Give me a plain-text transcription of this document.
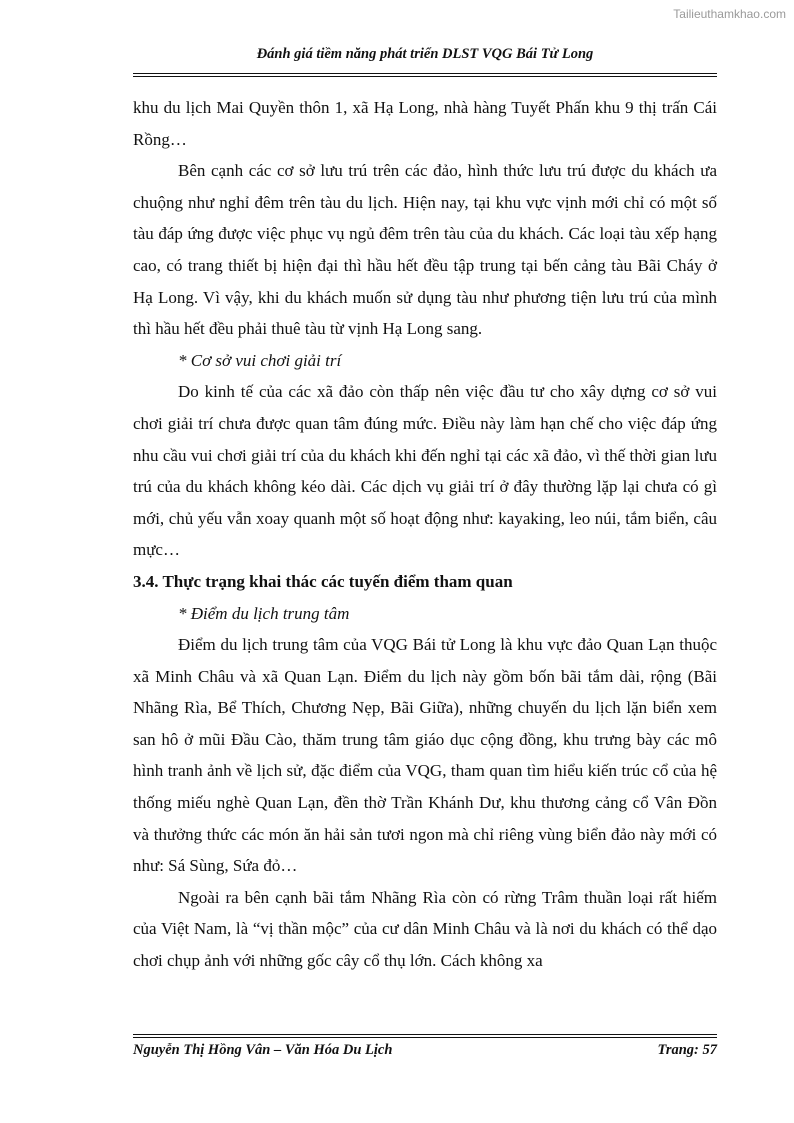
Tailieuthamkhao.com
Đánh giá tiềm năng phát triển DLST VQG Bái Tử Long

khu du lịch Mai Quyền thôn 1, xã Hạ Long, nhà hàng Tuyết Phấn khu 9 thị trấn Cái Rồng…

Bên cạnh các cơ sở lưu trú trên các đảo, hình thức lưu trú được du khách ưa chuộng như nghỉ đêm trên tàu du lịch. Hiện nay, tại khu vực vịnh mới chỉ có một số tàu đáp ứng được việc phục vụ ngủ đêm trên tàu của du khách. Các loại tàu xếp hạng cao, có trang thiết bị hiện đại thì hầu hết đều tập trung tại bến cảng tàu Bãi Cháy ở Hạ Long. Vì vậy, khi du khách muốn sử dụng tàu như phương tiện lưu trú của mình thì hầu hết đều phải thuê tàu từ vịnh Hạ Long sang.

* Cơ sở vui chơi giải trí

Do kinh tế của các xã đảo còn thấp nên việc đầu tư cho xây dựng cơ sở vui chơi giải trí chưa được quan tâm đúng mức. Điều này làm hạn chế cho việc đáp ứng nhu cầu vui chơi giải trí của du khách khi đến nghỉ tại các xã đảo, vì thế thời gian lưu trú của du khách không kéo dài. Các dịch vụ giải trí ở đây thường lặp lại chưa có gì mới, chủ yếu vẫn xoay quanh một số hoạt động như: kayaking, leo núi, tắm biển, câu mực…

3.4. Thực trạng khai thác các tuyến điểm tham quan

* Điểm du lịch trung tâm

Điểm du lịch trung tâm của VQG Bái tử Long là khu vực đảo Quan Lạn thuộc xã Minh Châu và xã Quan Lạn. Điểm du lịch này gồm bốn bãi tắm dài, rộng (Bãi Nhãng Rìa, Bể Thích, Chương Nẹp, Bãi Giữa), những chuyến du lịch lặn biển xem san hô ở mũi Đầu Cào, thăm trung tâm giáo dục cộng đồng, khu trưng bày các mô hình tranh ảnh về lịch sử, đặc điểm của VQG, tham quan tìm hiểu kiến trúc cổ của hệ thống miếu nghè Quan Lạn, đền thờ Trần Khánh Dư, khu thương cảng cổ Vân Đồn và thưởng thức các món ăn hải sản tươi ngon mà chỉ riêng vùng biển đảo này mới có như: Sá Sùng, Sứa đỏ…

Ngoài ra bên cạnh bãi tắm Nhãng Rìa còn có rừng Trâm thuần loại rất hiếm của Việt Nam, là “vị thần mộc” của cư dân Minh Châu và là nơi du khách có thể dạo chơi chụp ảnh với những gốc cây cổ thụ lớn. Cách không xa

Nguyễn Thị Hồng Vân – Văn Hóa Du Lịch	Trang: 57
